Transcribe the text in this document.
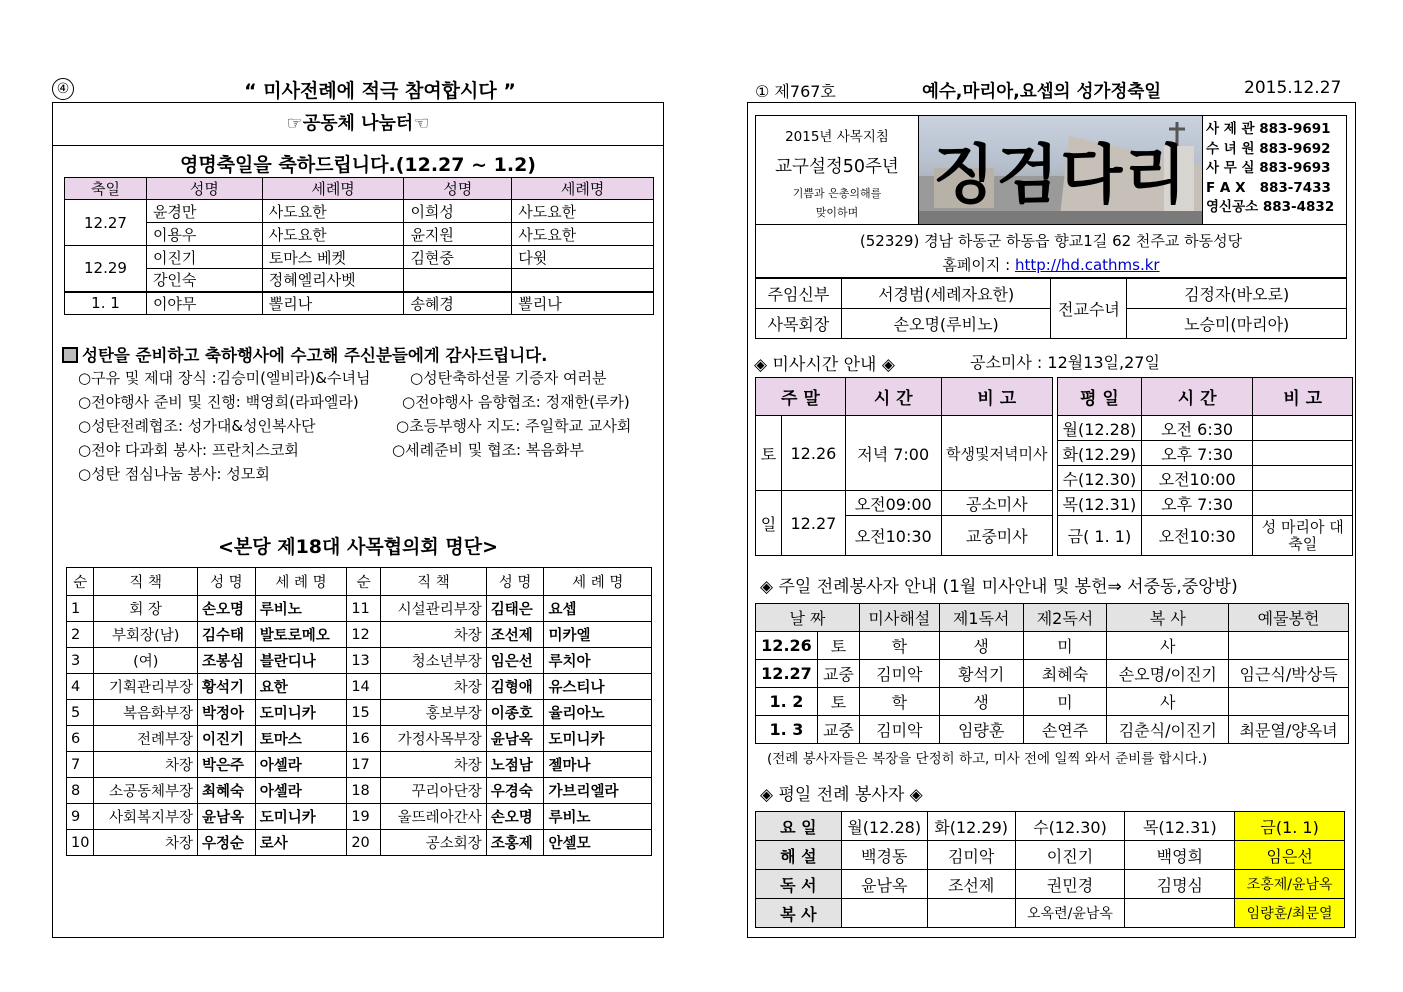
④	“ 미사전례에 적극 참여합시다 ”
☞공동체 나눔터☜
영명축일을 축하드립니다.(12.27 ~ 1.2)
축일	성명	세례명	성명	세례명
12.27	윤경만	사도요한	이희성	사도요한
	이용우	사도요한	윤지원	사도요한
12.29	이진기	토마스 베켓	김현중	다윗
	강인숙	정혜엘리사벳		
1. 1	이야무	뽈리나	송혜경	뽈리나
성탄을 준비하고 축하행사에 수고해 주신분들에게 감사드립니다.
○구유 및 제대 장식 :김승미(엘비라)&수녀님	○성탄축하선물 기증자 여러분
○전야행사 준비 및 진행: 백영희(라파엘라)	○전야행사 음향협조: 정재한(루카)
○성탄전례협조: 성가대&성인복사단	○초등부행사 지도: 주일학교 교사회
○전야 다과회 봉사: 프란치스코회	○세례준비 및 협조: 복음화부
○성탄 점심나눔 봉사: 성모회
<본당 제18대 사목협의회 명단>
순	직 책	성 명	세 례 명	순	직 책	성 명	세 례 명
1	회 장	손오명	루비노	11	시설관리부장	김태은	요셉
2	부회장(남)	김수태	발토로메오	12	차장	조선제	미카엘
3	(여)	조봉심	블란디나	13	청소년부장	임은선	루치아
4	기획관리부장	황석기	요한	14	차장	김형애	유스티나
5	복음화부장	박정아	도미니카	15	홍보부장	이종호	율리아노
6	전례부장	이진기	토마스	16	가정사목부장	윤남옥	도미니카
7	차장	박은주	아셀라	17	차장	노점남	젤마나
8	소공동체부장	최혜숙	아셀라	18	꾸리아단장	우경숙	가브리엘라
9	사회복지부장	윤남옥	도미니카	19	울뜨레아간사	손오명	루비노
10	차장	우정순	로사	20	공소회장	조홍제	안셀모
① 제767호	예수,마리아,요셉의 성가정축일	2015.12.27
2015년 사목지침
교구설정50주년
기쁨과 은총의해를
맞이하며	징검다리
사 제 관 883-9691
수 녀 원 883-9692
사 무 실 883-9693
F A X   883-7433
영신공소 883-4832
(52329) 경남 하동군 하동읍 향교1길 62 천주교 하동성당
홈페이지 : http://hd.cathms.kr
주임신부	서경범(세례자요한)	전교수녀	김정자(바오로)
사목회장	손오명(루비노)		노승미(마리아)
◈ 미사시간 안내 ◈	공소미사 : 12월13일,27일
주 말		시 간	비 고		평 일	시 간	비 고
토	12.26	저녁 7:00	학생및저녁미사		월(12.28)	오전 6:30	
					화(12.29)	오후 7:30	
					수(12.30)	오전10:00	
일	12.27	오전09:00	공소미사		목(12.31)	오후 7:30	
					금( 1. 1)	오전10:30	성 마리아 대축일
		오전10:30	교중미사				
◈ 주일 전례봉사자 안내 (1월 미사안내 및 봉헌⇒ 서중동,중앙방)
날 짜		미사해설	제1독서	제2독서	복 사	예물봉헌
12.26	토	학	생	미	사	
12.27	교중	김미악	황석기	최혜숙	손오명/이진기	임근식/박상득
1. 2	토	학	생	미	사	
1. 3	교중	김미악	임량훈	손연주	김춘식/이진기	최문열/양옥녀
(전례 봉사자들은 복장을 단정히 하고, 미사 전에 일찍 와서 준비를 합시다.)
◈ 평일 전례 봉사자 ◈
요 일	월(12.28)	화(12.29)	수(12.30)	목(12.31)	금(1. 1)
해 설	백경동	김미악	이진기	백영희	임은선
독 서	윤남옥	조선제	권민경	김명심	조홍제/윤남옥
복 사			오옥련/윤남옥		임량훈/최문열
